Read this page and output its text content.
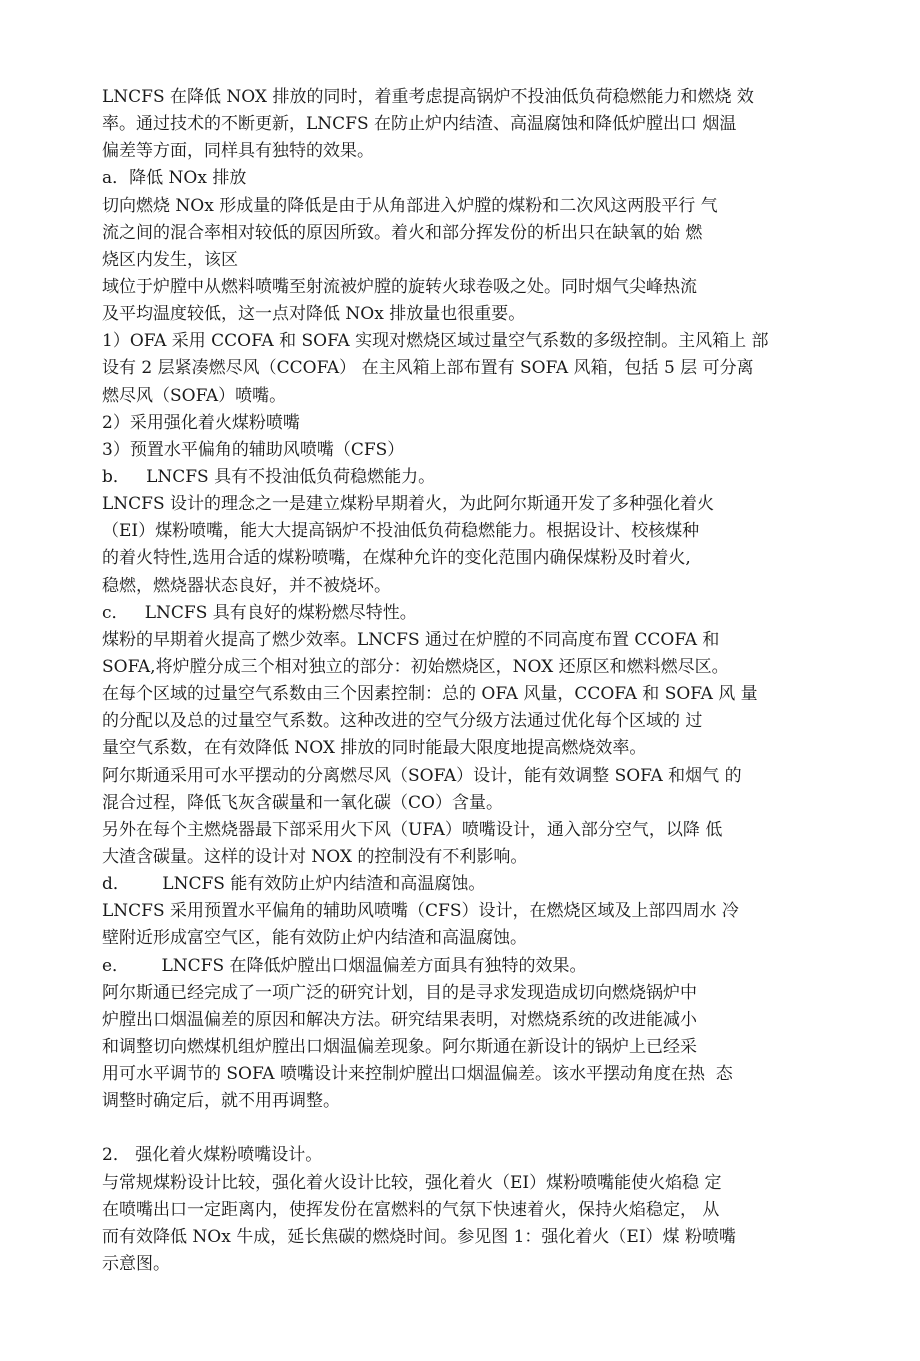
LNCFS 在降低 NOX 排放的同时，着重考虑提高锅炉不投油低负荷稳燃能力和燃烧 效
率。通过技术的不断更新，LNCFS 在防止炉内结渣、高温腐蚀和降低炉膛出口 烟温
偏差等方面，同样具有独特的效果。
a．降低 NOx 排放
切向燃烧 NOx 形成量的降低是由于从角部进入炉膛的煤粉和二次风这两股平行 气
流之间的混合率相对较低的原因所致。着火和部分挥发份的析出只在缺氧的始 燃
烧区内发生，该区
域位于炉膛中从燃料喷嘴至射流被炉膛的旋转火球卷吸之处。同时烟气尖峰热流
及平均温度较低，这一点对降低 NOx 排放量也很重要。
1）OFA 采用 CCOFA 和 SOFA 实现对燃烧区域过量空气系数的多级控制。主风箱上 部
设有 2 层紧凑燃尽风（CCOFA） 在主风箱上部布置有 SOFA 风箱，包括 5 层 可分离
燃尽风（SOFA）喷嘴。
2）采用强化着火煤粉喷嘴
3）预置水平偏角的辅助风喷嘴（CFS）
b．   LNCFS 具有不投油低负荷稳燃能力。
LNCFS 设计的理念之一是建立煤粉早期着火，为此阿尔斯通开发了多种强化着火
（EI）煤粉喷嘴，能大大提高锅炉不投油低负荷稳燃能力。根据设计、校核煤种
的着火特性,选用合适的煤粉喷嘴，在煤种允许的变化范围内确保煤粉及时着火,
稳燃，燃烧器状态良好，并不被烧坏。
c．   LNCFS 具有良好的煤粉燃尽特性。
煤粉的早期着火提高了燃少效率。LNCFS 通过在炉膛的不同高度布置 CCOFA 和
SOFA,将炉膛分成三个相对独立的部分：初始燃烧区，NOX 还原区和燃料燃尽区。
在每个区域的过量空气系数由三个因素控制：总的 OFA 风量，CCOFA 和 SOFA 风 量
的分配以及总的过量空气系数。这种改进的空气分级方法通过优化每个区域的 过
量空气系数，在有效降低 NOX 排放的同时能最大限度地提高燃烧效率。
阿尔斯通采用可水平摆动的分离燃尽风（SOFA）设计，能有效调整 SOFA 和烟气 的
混合过程，降低飞灰含碳量和一氧化碳（CO）含量。
另外在每个主燃烧器最下部采用火下风（UFA）喷嘴设计，通入部分空气，以降 低
大渣含碳量。这样的设计对 NOX 的控制没有不利影响。
d．      LNCFS 能有效防止炉内结渣和高温腐蚀。
LNCFS 采用预置水平偏角的辅助风喷嘴（CFS）设计，在燃烧区域及上部四周水 冷
壁附近形成富空气区，能有效防止炉内结渣和高温腐蚀。
e．      LNCFS 在降低炉膛出口烟温偏差方面具有独特的效果。
阿尔斯通已经完成了一项广泛的研究计划，目的是寻求发现造成切向燃烧锅炉中
炉膛出口烟温偏差的原因和解决方法。研究结果表明，对燃烧系统的改进能减小
和调整切向燃煤机组炉膛出口烟温偏差现象。阿尔斯通在新设计的锅炉上已经采
用可水平调节的 SOFA 喷嘴设计来控制炉膛出口烟温偏差。该水平摆动角度在热  态
调整时确定后，就不用再调整。
2． 强化着火煤粉喷嘴设计。
与常规煤粉设计比较，强化着火设计比较，强化着火（EI）煤粉喷嘴能使火焰稳 定
在喷嘴出口一定距离内，使挥发份在富燃料的气氛下快速着火，保持火焰稳定， 从
而有效降低 NOx 牛成，延长焦碳的燃烧时间。参见图 1：强化着火（EI）煤 粉喷嘴
示意图。
